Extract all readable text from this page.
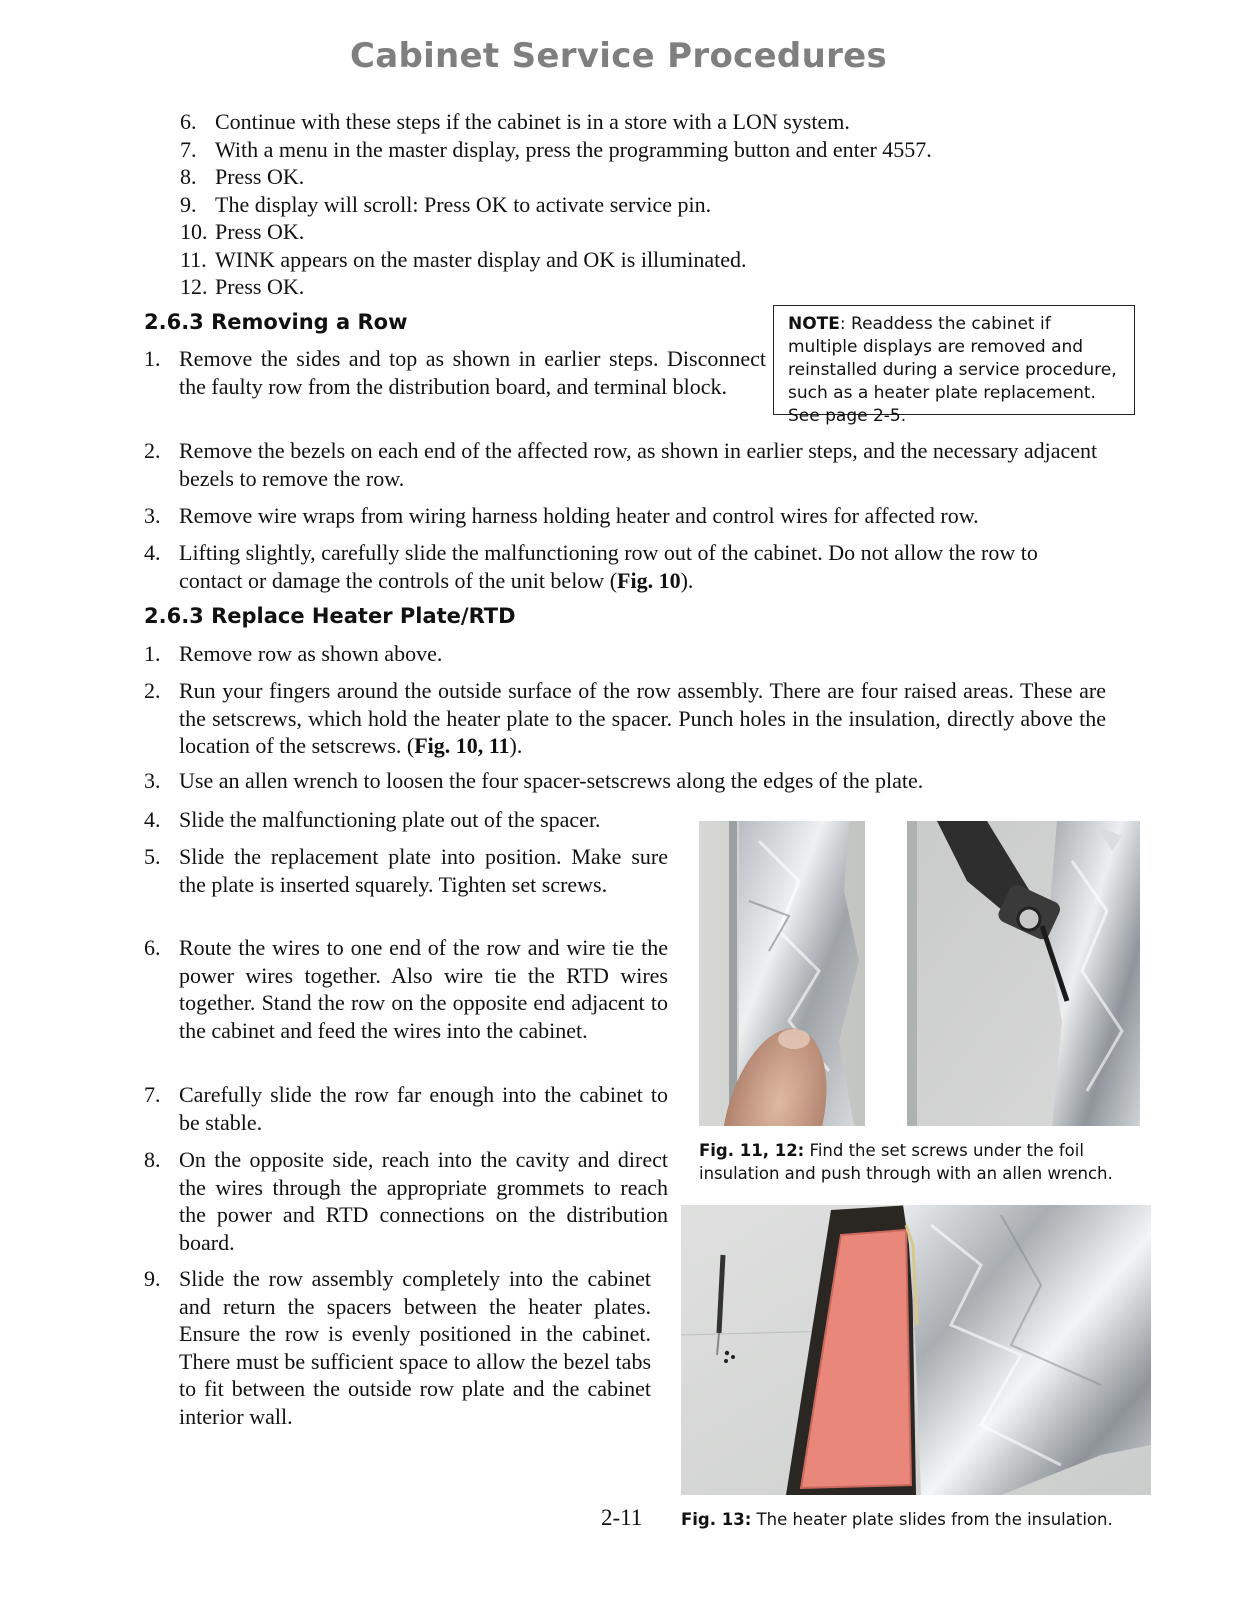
Cabinet Service Procedures
6. Continue with these steps if the cabinet is in a store with a LON system.
7. With a menu in the master display, press the programming button and enter 4557.
8. Press OK.
9. The display will scroll: Press OK to activate service pin.
10. Press OK.
11. WINK appears on the master display and OK is illuminated.
12. Press OK.
2.6.3 Removing a Row
1. Remove the sides and top as shown in earlier steps. Disconnect the faulty row from the distribution board, and terminal block.
NOTE: Readdess the cabinet if multiple displays are removed and reinstalled during a service procedure, such as a heater plate replacement. See page 2-5.
2. Remove the bezels on each end of the affected row, as shown in earlier steps, and the necessary adjacent bezels to remove the row.
3. Remove wire wraps from wiring harness holding heater and control wires for affected row.
4. Lifting slightly, carefully slide the malfunctioning row out of the cabinet. Do not allow the row to contact or damage the controls of the unit below (Fig. 10).
2.6.3 Replace Heater Plate/RTD
1. Remove row as shown above.
2. Run your fingers around the outside surface of the row assembly. There are four raised areas. These are the setscrews, which hold the heater plate to the spacer. Punch holes in the insulation, directly above the location of the setscrews. (Fig. 10, 11).
3. Use an allen wrench to loosen the four spacer-setscrews along the edges of the plate.
4. Slide the malfunctioning plate out of the spacer.
5. Slide the replacement plate into position. Make sure the plate is inserted squarely. Tighten set screws.
6. Route the wires to one end of the row and wire tie the power wires together. Also wire tie the RTD wires together. Stand the row on the opposite end adjacent to the cabinet and feed the wires into the cabinet.
7. Carefully slide the row far enough into the cabinet to be stable.
8. On the opposite side, reach into the cavity and direct the wires through the appropriate grommets to reach the power and RTD connections on the distribution board.
9. Slide the row assembly completely into the cabinet and return the spacers between the heater plates. Ensure the row is evenly positioned in the cabinet. There must be sufficient space to allow the bezel tabs to fit between the outside row plate and the cabinet interior wall.
Fig. 11, 12: Find the set screws under the foil insulation and push through with an allen wrench.
Fig. 13: The heater plate slides from the insulation.
2-11
